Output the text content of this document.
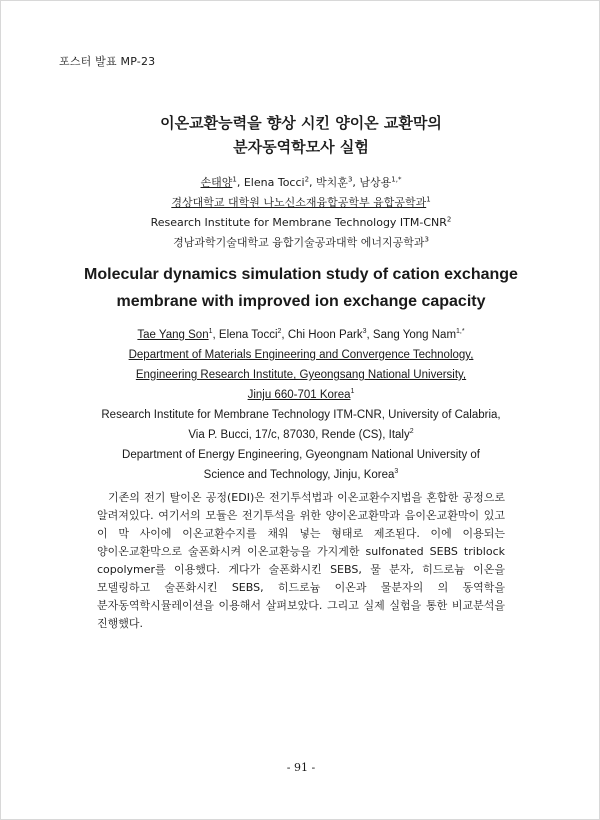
포스터 발표 MP-23
이온교환능력을 향상 시킨 양이온 교환막의
분자동역학모사 실험
손태양$^1$, Elena Tocci$^2$, 박치훈$^3$, 남상용$^{1,*}$
경상대학교 대학원 나노신소재융합공학부 융합공학과$^1$
Research Institute for Membrane Technology ITM-CNR$^2$
경남과학기술대학교 융합기술공과대학 에너지공학과$^3$
Molecular dynamics simulation study of cation exchange
membrane with improved ion exchange capacity
Tae Yang Son$^1$, Elena Tocci$^2$, Chi Hoon Park$^3$, Sang Yong Nam$^{1,*}$
Department of Materials Engineering and Convergence Technology,
Engineering Research Institute, Gyeongsang National University,
Jinju 660-701 Korea$^1$
Research Institute for Membrane Technology ITM-CNR, University of Calabria,
Via P. Bucci, 17/c, 87030, Rende (CS), Italy$^2$
Department of Energy Engineering, Gyeongnam National University of
Science and Technology, Jinju, Korea$^3$
기존의 전기 탈이온 공정(EDI)은 전기투석법과 이온교환수지법을 혼합한 공정으로 알려져있다. 여기서의 모듈은 전기투석을 위한 양이온교환막과 음이온교환막이 있고 이 막 사이에 이온교환수지를 채워 넣는 형태로 제조된다. 이에 이용되는 양이온교환막으로 술폰화시켜 이온교환능을 가지게한 sulfonated SEBS triblock copolymer를 이용했다. 게다가 술폰화시킨 SEBS, 물 분자, 히드로늄 이온을 모델링하고 술폰화시킨 SEBS, 히드로늄 이온과 물분자의 의 동역학을 분자동역학시뮬레이션을 이용해서 살펴보았다. 그리고 실제 실험을 통한 비교분석을 진행했다.
- 91 -
